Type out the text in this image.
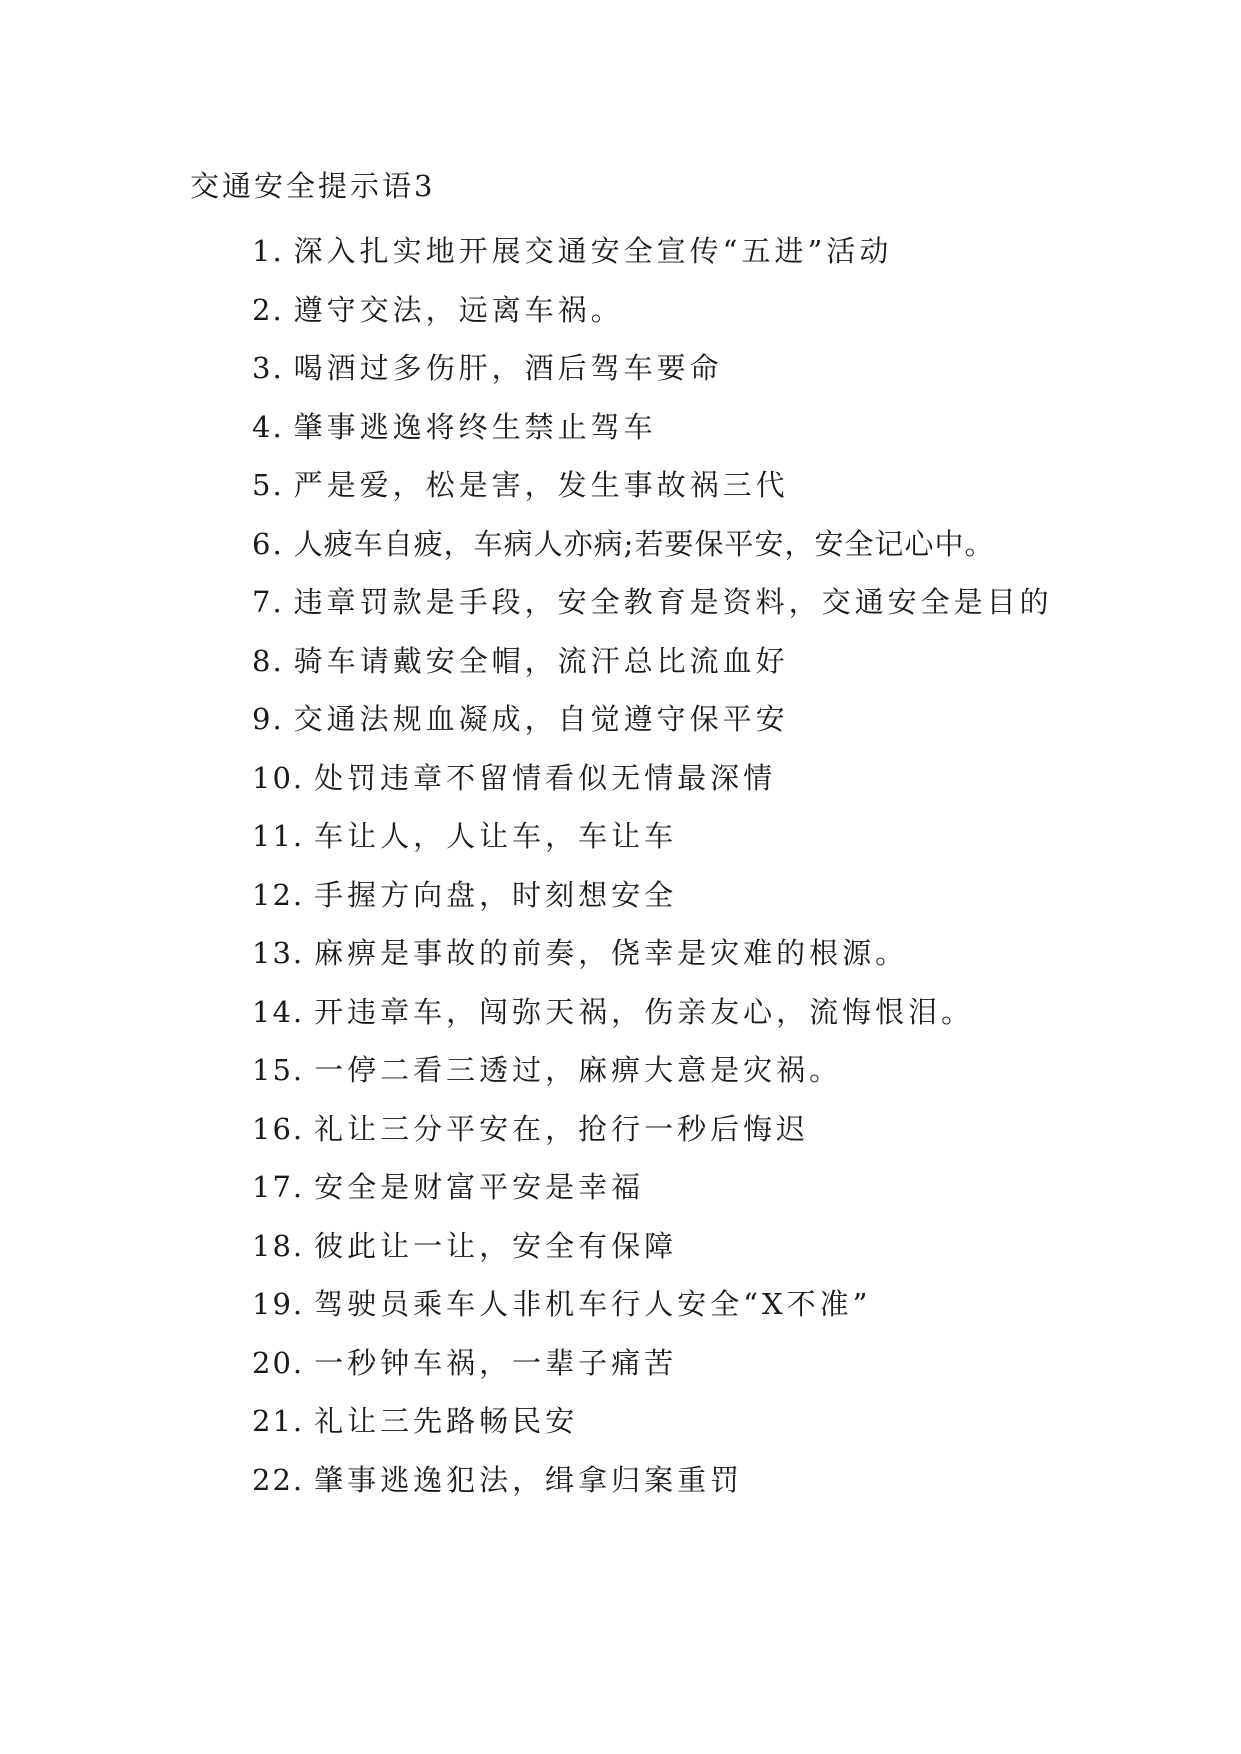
交通安全提示语3
1. 深入扎实地开展交通安全宣传“五进”活动
2. 遵守交法，远离车祸。
3. 喝酒过多伤肝，酒后驾车要命
4. 肇事逃逸将终生禁止驾车
5. 严是爱，松是害，发生事故祸三代
6. 人疲车自疲，车病人亦病;若要保平安，安全记心中。
7. 违章罚款是手段，安全教育是资料，交通安全是目的
8. 骑车请戴安全帽，流汗总比流血好
9. 交通法规血凝成，自觉遵守保平安
10. 处罚违章不留情看似无情最深情
11. 车让人，人让车，车让车
12. 手握方向盘，时刻想安全
13. 麻痹是事故的前奏，侥幸是灾难的根源。
14. 开违章车，闯弥天祸，伤亲友心，流悔恨泪。
15. 一停二看三透过，麻痹大意是灾祸。
16. 礼让三分平安在，抢行一秒后悔迟
17. 安全是财富平安是幸福
18. 彼此让一让，安全有保障
19. 驾驶员乘车人非机车行人安全“X不准”
20. 一秒钟车祸，一辈子痛苦
21. 礼让三先路畅民安
22. 肇事逃逸犯法，缉拿归案重罚
